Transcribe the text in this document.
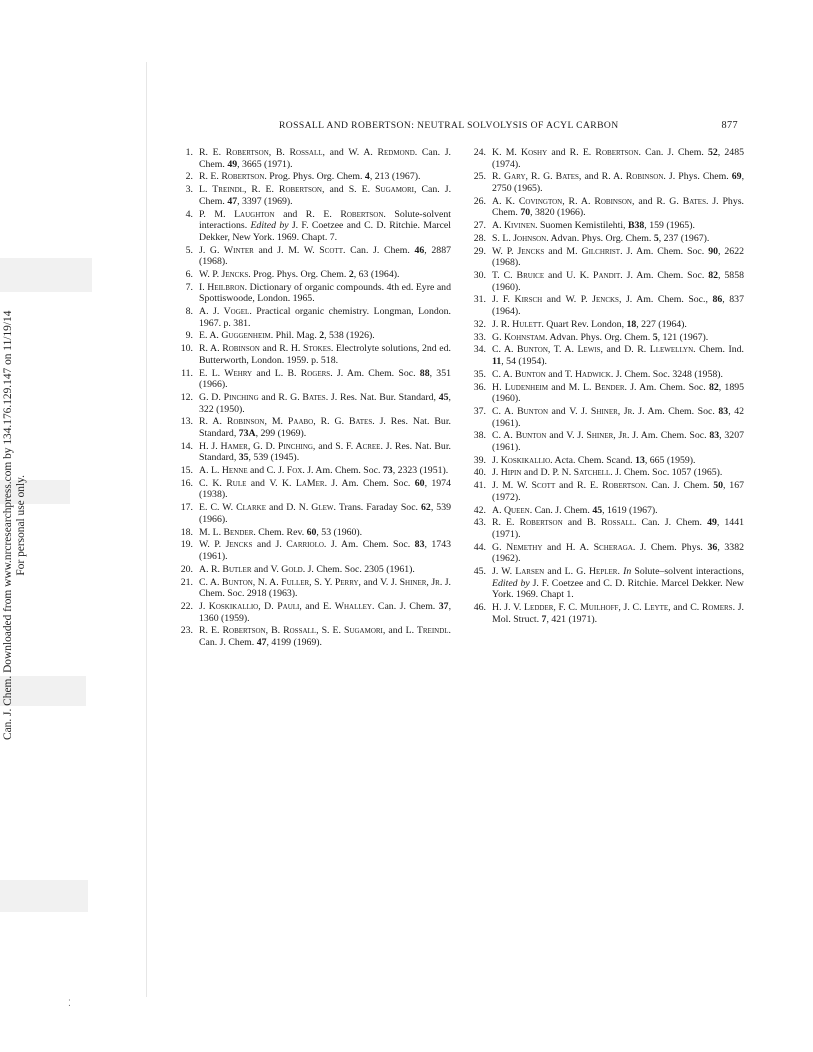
Can. J. Chem. Downloaded from www.nrcresearchpress.com by 134.176.129.147 on 11/19/14 For personal use only.
ROSSALL AND ROBERTSON: NEUTRAL SOLVOLYSIS OF ACYL CARBON	877
1. R. E. Robertson, B. Rossall, and W. A. Redmond. Can. J. Chem. 49, 3665 (1971).
2. R. E. Robertson. Prog. Phys. Org. Chem. 4, 213 (1967).
3. L. Treindl, R. E. Robertson, and S. E. Sugamori, Can. J. Chem. 47, 3397 (1969).
4. P. M. Laughton and R. E. Robertson. Solute-solvent interactions. Edited by J. F. Coetzee and C. D. Ritchie. Marcel Dekker, New York. 1969. Chapt. 7.
5. J. G. Winter and J. M. W. Scott. Can. J. Chem. 46, 2887 (1968).
6. W. P. Jencks. Prog. Phys. Org. Chem. 2, 63 (1964).
7. I. Heilbron. Dictionary of organic compounds. 4th ed. Eyre and Spottiswoode, London. 1965.
8. A. J. Vogel. Practical organic chemistry. Longman, London. 1967. p. 381.
9. E. A. Guggenheim. Phil. Mag. 2, 538 (1926).
10. R. A. Robinson and R. H. Stokes. Electrolyte solutions, 2nd ed. Butterworth, London. 1959. p. 518.
11. E. L. Wehry and L. B. Rogers. J. Am. Chem. Soc. 88, 351 (1966).
12. G. D. Pinching and R. G. Bates. J. Res. Nat. Bur. Standard, 45, 322 (1950).
13. R. A. Robinson, M. Paabo, R. G. Bates. J. Res. Nat. Bur. Standard, 73A, 299 (1969).
14. H. J. Hamer, G. D. Pinching, and S. F. Acree. J. Res. Nat. Bur. Standard, 35, 539 (1945).
15. A. L. Henne and C. J. Fox. J. Am. Chem. Soc. 73, 2323 (1951).
16. C. K. Rule and V. K. LaMer. J. Am. Chem. Soc. 60, 1974 (1938).
17. E. C. W. Clarke and D. N. Glew. Trans. Faraday Soc. 62, 539 (1966).
18. M. L. Bender. Chem. Rev. 60, 53 (1960).
19. W. P. Jencks and J. Carriolo. J. Am. Chem. Soc. 83, 1743 (1961).
20. A. R. Butler and V. Gold. J. Chem. Soc. 2305 (1961).
21. C. A. Bunton, N. A. Fuller, S. Y. Perry, and V. J. Shiner, Jr. J. Chem. Soc. 2918 (1963).
22. J. Koskikallio, D. Pauli, and E. Whalley. Can. J. Chem. 37, 1360 (1959).
23. R. E. Robertson, B. Rossall, S. E. Sugamori, and L. Treindl. Can. J. Chem. 47, 4199 (1969).
24. K. M. Koshy and R. E. Robertson. Can. J. Chem. 52, 2485 (1974).
25. R. Gary, R. G. Bates, and R. A. Robinson. J. Phys. Chem. 69, 2750 (1965).
26. A. K. Covington, R. A. Robinson, and R. G. Bates. J. Phys. Chem. 70, 3820 (1966).
27. A. Kivinen. Suomen Kemistilehti, B38, 159 (1965).
28. S. L. Johnson. Advan. Phys. Org. Chem. 5, 237 (1967).
29. W. P. Jencks and M. Gilchrist. J. Am. Chem. Soc. 90, 2622 (1968).
30. T. C. Bruice and U. K. Pandit. J. Am. Chem. Soc. 82, 5858 (1960).
31. J. F. Kirsch and W. P. Jencks, J. Am. Chem. Soc., 86, 837 (1964).
32. J. R. Hulett. Quart Rev. London, 18, 227 (1964).
33. G. Kohnstam. Advan. Phys. Org. Chem. 5, 121 (1967).
34. C. A. Bunton, T. A. Lewis, and D. R. Llewellyn. Chem. Ind. 11, 54 (1954).
35. C. A. Bunton and T. Hadwick. J. Chem. Soc. 3248 (1958).
36. H. Ludenheim and M. L. Bender. J. Am. Chem. Soc. 82, 1895 (1960).
37. C. A. Bunton and V. J. Shiner, Jr. J. Am. Chem. Soc. 83, 42 (1961).
38. C. A. Bunton and V. J. Shiner, Jr. J. Am. Chem. Soc. 83, 3207 (1961).
39. J. Koskikallio. Acta. Chem. Scand. 13, 665 (1959).
40. J. Hipin and D. P. N. Satchell. J. Chem. Soc. 1057 (1965).
41. J. M. W. Scott and R. E. Robertson. Can. J. Chem. 50, 167 (1972).
42. A. Queen. Can. J. Chem. 45, 1619 (1967).
43. R. E. Robertson and B. Rossall. Can. J. Chem. 49, 1441 (1971).
44. G. Nemethy and H. A. Scheraga. J. Chem. Phys. 36, 3382 (1962).
45. J. W. Larsen and L. G. Hepler. In Solute–solvent interactions, Edited by J. F. Coetzee and C. D. Ritchie. Marcel Dekker. New York. 1969. Chapt 1.
46. H. J. V. Ledder, F. C. Muilhoff, J. C. Leyte, and C. Romers. J. Mol. Struct. 7, 421 (1971).
⁚
